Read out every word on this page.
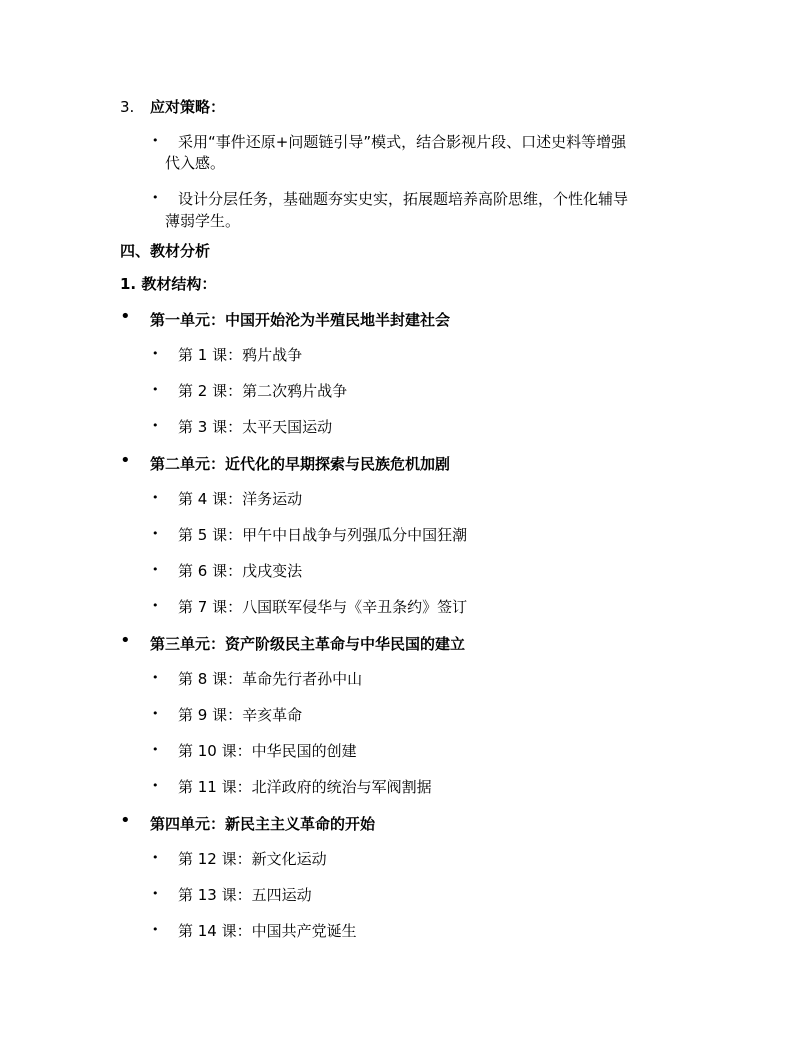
3. 应对策略：
• 采用“事件还原+问题链引导”模式，结合影视片段、口述史料等增强
代入感。
• 设计分层任务，基础题夯实史实，拓展题培养高阶思维，个性化辅导
薄弱学生。
四、教材分析
1. 教材结构：
• 第一单元：中国开始沦为半殖民地半封建社会
• 第 1 课：鸦片战争
• 第 2 课：第二次鸦片战争
• 第 3 课：太平天国运动
• 第二单元：近代化的早期探索与民族危机加剧
• 第 4 课：洋务运动
• 第 5 课：甲午中日战争与列强瓜分中国狂潮
• 第 6 课：戊戌变法
• 第 7 课：八国联军侵华与《辛丑条约》签订
• 第三单元：资产阶级民主革命与中华民国的建立
• 第 8 课：革命先行者孙中山
• 第 9 课：辛亥革命
• 第 10 课：中华民国的创建
• 第 11 课：北洋政府的统治与军阀割据
• 第四单元：新民主主义革命的开始
• 第 12 课：新文化运动
• 第 13 课：五四运动
• 第 14 课：中国共产党诞生
